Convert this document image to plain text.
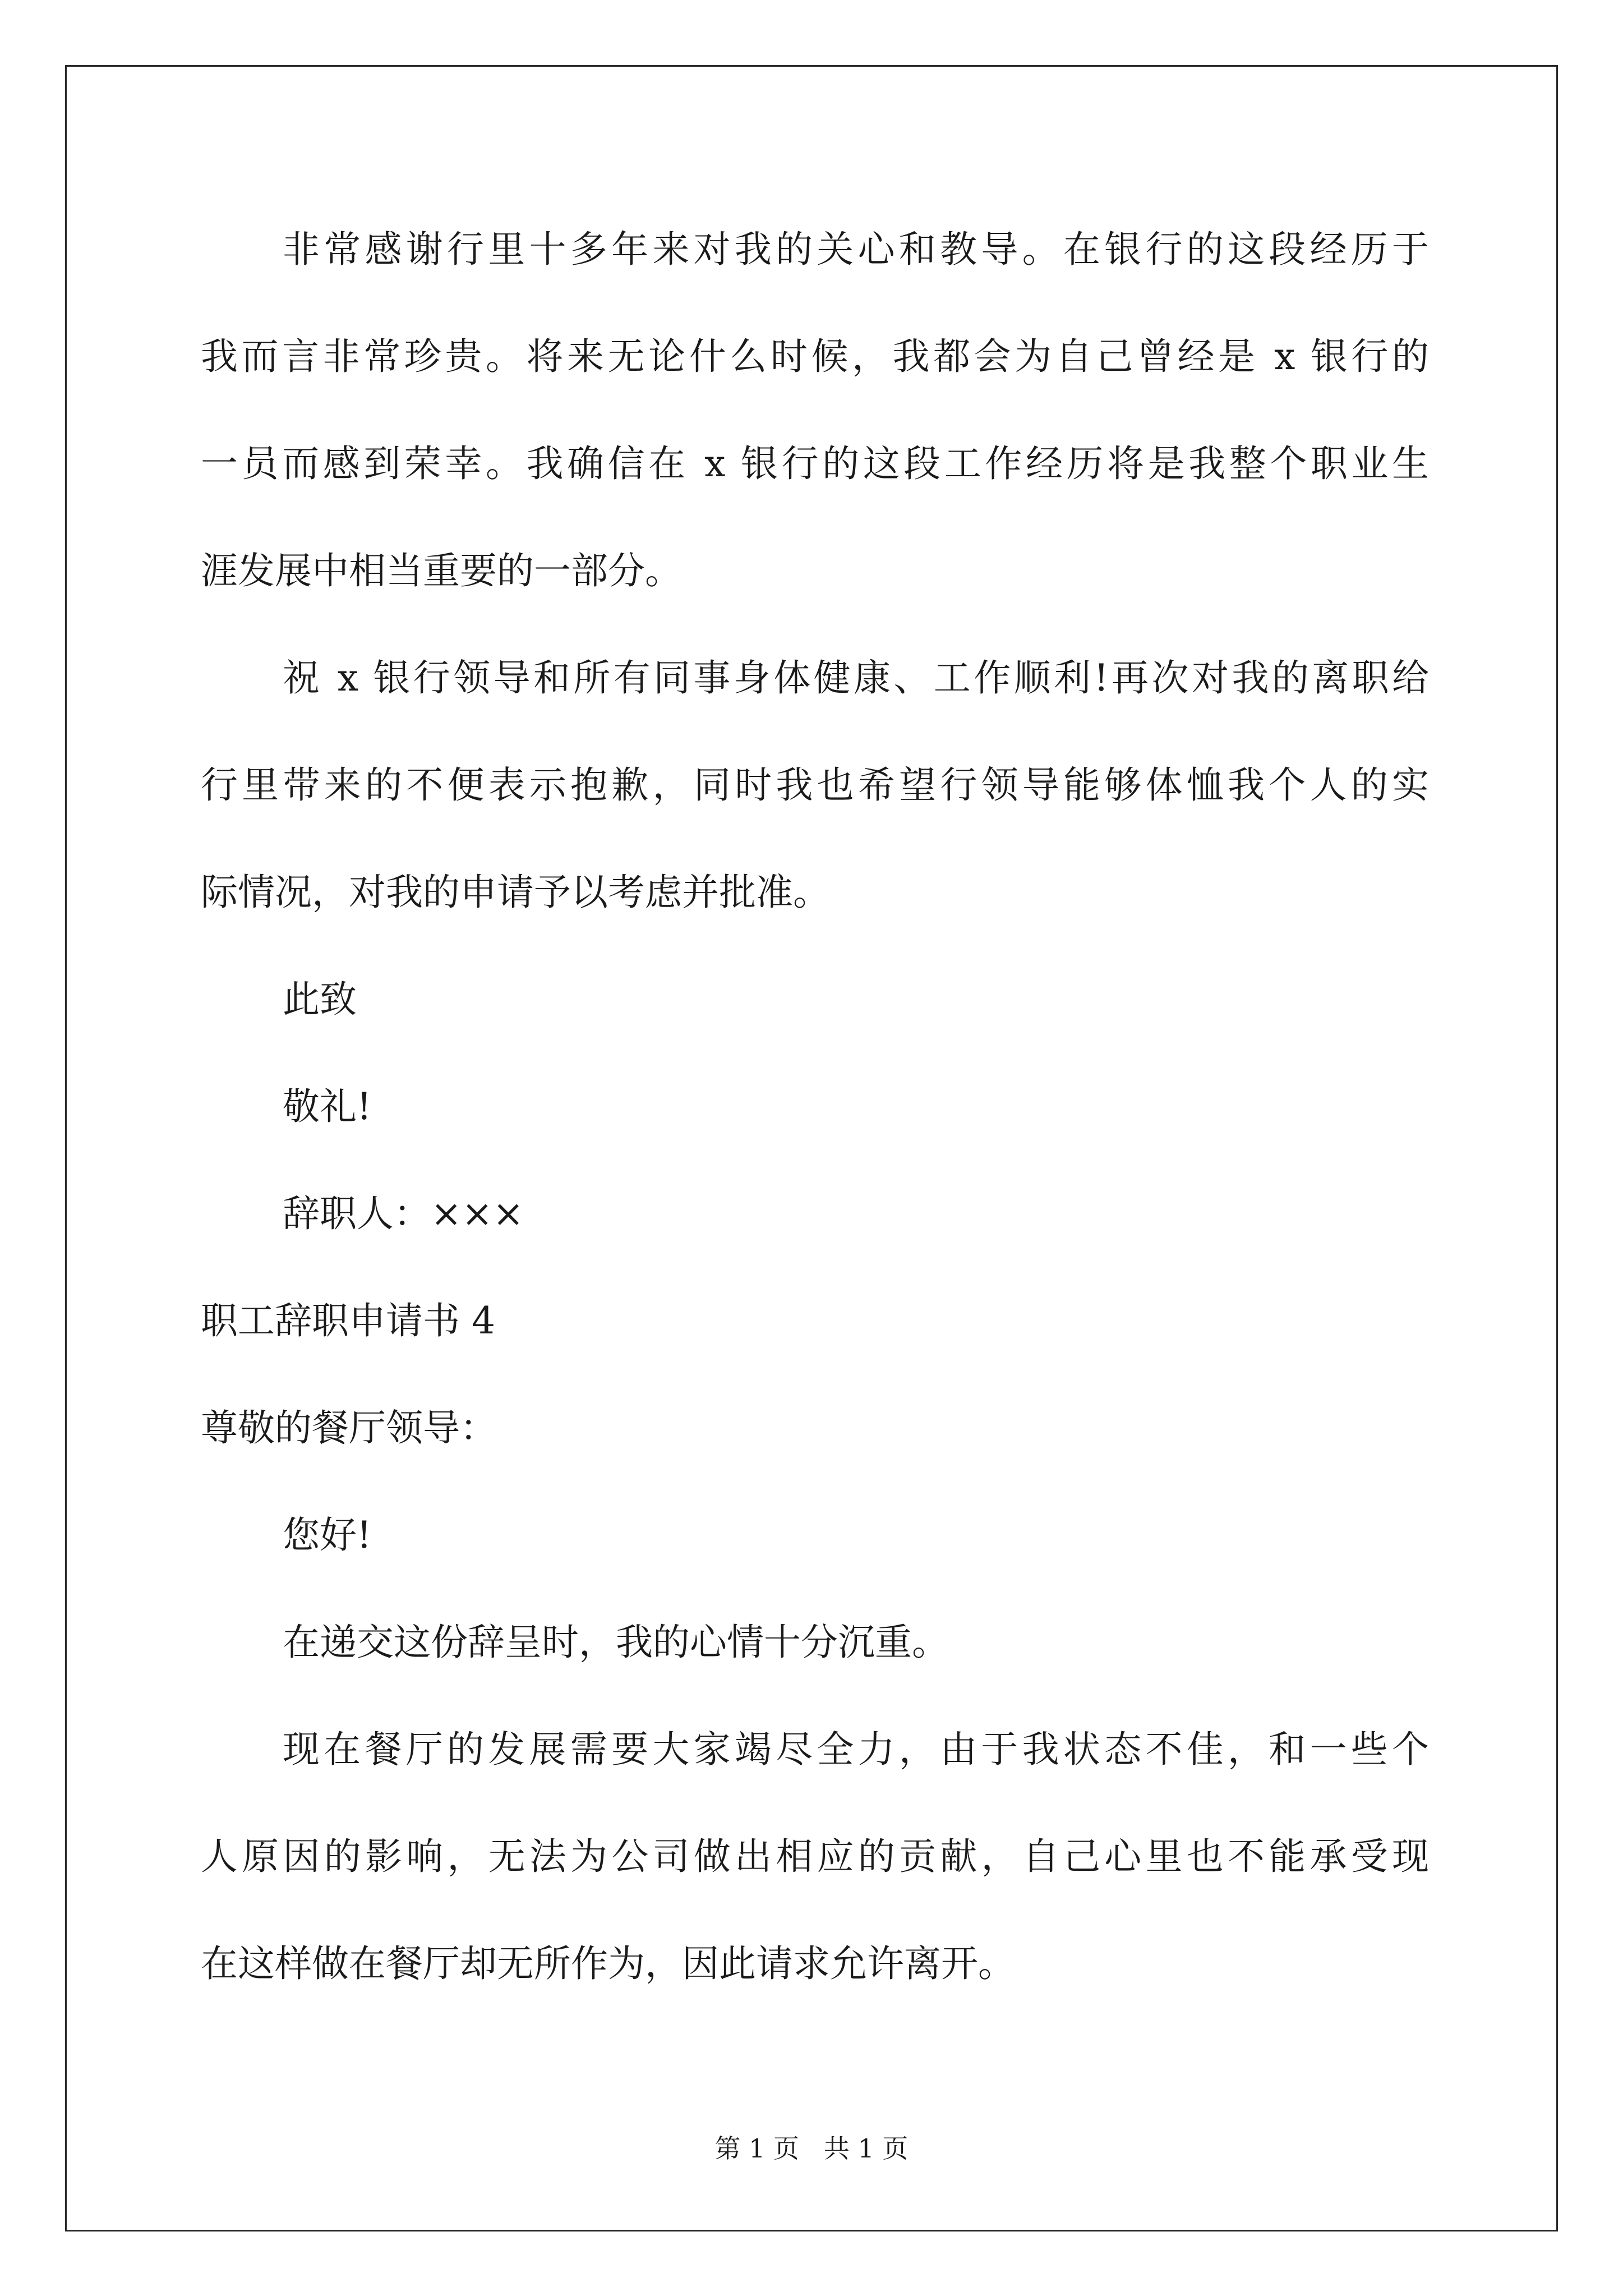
非常感谢行里十多年来对我的关心和教导。在银行的这段经历于
我而言非常珍贵。将来无论什么时候，我都会为自己曾经是 x 银行的
一员而感到荣幸。我确信在 x 银行的这段工作经历将是我整个职业生
涯发展中相当重要的一部分。
祝 x 银行领导和所有同事身体健康、工作顺利!再次对我的离职给
行里带来的不便表示抱歉，同时我也希望行领导能够体恤我个人的实
际情况，对我的申请予以考虑并批准。
此致
敬礼!
辞职人：×××
职工辞职申请书 4
尊敬的餐厅领导：
您好!
在递交这份辞呈时，我的心情十分沉重。
现在餐厅的发展需要大家竭尽全力，由于我状态不佳，和一些个
人原因的影响，无法为公司做出相应的贡献，自己心里也不能承受现
在这样做在餐厅却无所作为，因此请求允许离开。
第 1 页   共 1 页
